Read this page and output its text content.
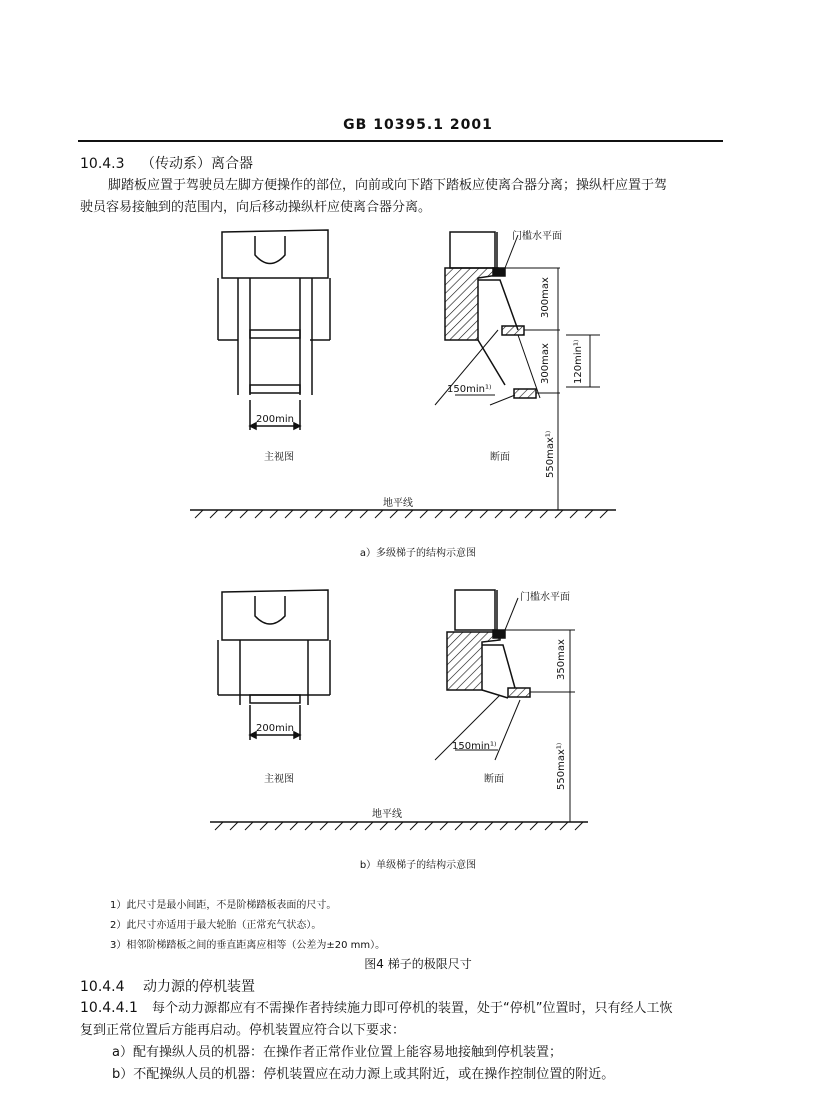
GB 10395.1 2001
10.4.3 （传动系）离合器
脚踏板应置于驾驶员左脚方便操作的部位，向前或向下踏下踏板应使离合器分离；操纵杆应置于驾
驶员容易接触到的范围内，向后移动操纵杆应使离合器分离。
门槛水平面
300max
300max 120min¹⁾
150min¹⁾
550max¹⁾
200min
主视图	断面
地平线
a）多级梯子的结构示意图
门槛水平面
350max
150min¹⁾	550max¹⁾
200min
主视图	断面
地平线
b）单级梯子的结构示意图
1）此尺寸是最小间距，不是阶梯踏板表面的尺寸。
2）此尺寸亦适用于最大轮胎（正常充气状态）。
3）相邻阶梯踏板之间的垂直距离应相等（公差为±20 mm）。
图4 梯子的极限尺寸
10.4.4 动力源的停机装置
10.4.4.1 每个动力源都应有不需操作者持续施力即可停机的装置，处于“停机”位置时，只有经人工恢
复到正常位置后方能再启动。停机装置应符合以下要求：
a）配有操纵人员的机器：在操作者正常作业位置上能容易地接触到停机装置；
b）不配操纵人员的机器：停机装置应在动力源上或其附近，或在操作控制位置的附近。
